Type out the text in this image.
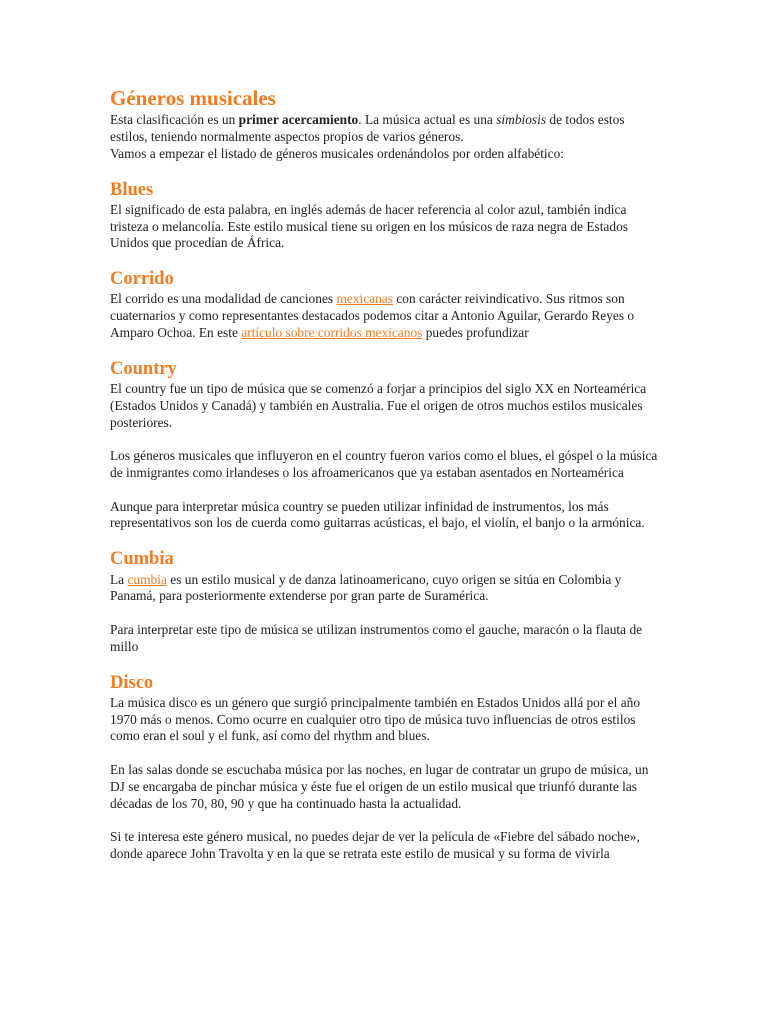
Géneros musicales

Esta clasificación es un primer acercamiento. La música actual es una simbiosis de todos estos estilos, teniendo normalmente aspectos propios de varios géneros.

Vamos a empezar el listado de géneros musicales ordenándolos por orden alfabético:

Blues

El significado de esta palabra, en inglés además de hacer referencia al color azul, también indica tristeza o melancolía. Este estilo musical tiene su origen en los músicos de raza negra de Estados Unidos que procedían de África.

Corrido

El corrido es una modalidad de canciones mexicanas con carácter reivindicativo. Sus ritmos son cuaternarios y como representantes destacados podemos citar a Antonio Aguilar, Gerardo Reyes o Amparo Ochoa. En este artículo sobre corridos mexicanos puedes profundizar

Country

El country fue un tipo de música que se comenzó a forjar a principios del siglo XX en Norteamérica (Estados Unidos y Canadá) y también en Australia. Fue el origen de otros muchos estilos musicales posteriores.

Los géneros musicales que influyeron en el country fueron varios como el blues, el góspel o la música de inmigrantes como irlandeses o los afroamericanos que ya estaban asentados en Norteamérica

Aunque para interpretar música country se pueden utilizar infinidad de instrumentos, los más representativos son los de cuerda como guitarras acústicas, el bajo, el violín, el banjo o la armónica.

Cumbia

La cumbia es un estilo musical y de danza latinoamericano, cuyo origen se sitúa en Colombia y Panamá, para posteriormente extenderse por gran parte de Suramérica.

Para interpretar este tipo de música se utilizan instrumentos como el gauche, maracón o la flauta de millo

Disco

La música disco es un género que surgió principalmente también en Estados Unidos allá por el año 1970 más o menos. Como ocurre en cualquier otro tipo de música tuvo influencias de otros estilos como eran el soul y el funk, así como del rhythm and blues.

En las salas donde se escuchaba música por las noches, en lugar de contratar un grupo de música, un DJ se encargaba de pinchar música y éste fue el origen de un estilo musical que triunfó durante las décadas de los 70, 80, 90 y que ha continuado hasta la actualidad.

Si te interesa este género musical, no puedes dejar de ver la película de «Fiebre del sábado noche», donde aparece John Travolta y en la que se retrata este estilo de musical y su forma de vivirla
